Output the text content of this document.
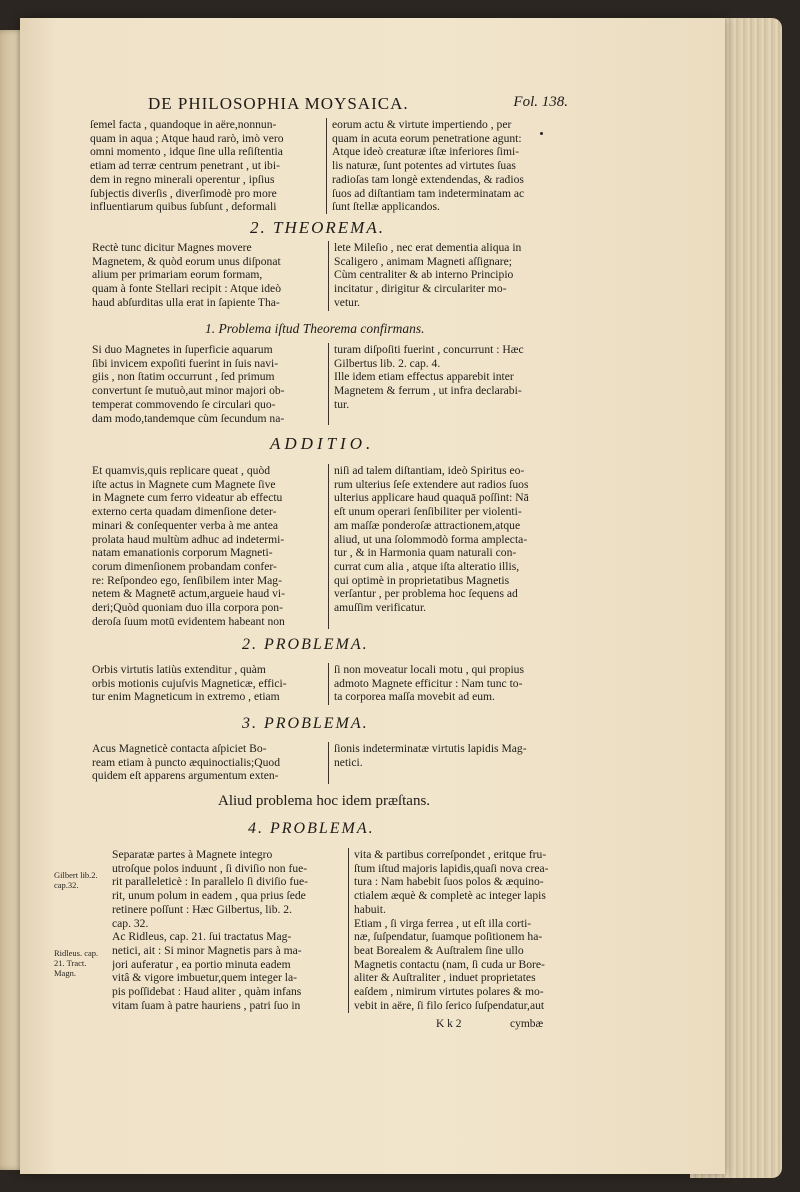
DE PHILOSOPHIA MOYSAICA.	Fol. 138.
ſemel facta , quandoque in aëre,nonnun-
quam in aqua ; Atque haud rarò, imò vero
omni momento , idque ſine ulla reſiſtentia
etiam ad terræ centrum penetrant , ut ibi-
dem in regno minerali operentur , ipſius
ſubjectis diverſis , diverſimodè pro more
influentiarum quibus ſubſunt , deformali
eorum actu & virtute impertiendo , per
quam in acuta eorum penetratione agunt:
Atque ideò creaturæ iſtæ inferiores ſimi-
lis naturæ, ſunt potentes ad virtutes ſuas
radioſas tam longè extendendas, & radios
ſuos ad diſtantiam tam indeterminatam ac
ſunt ſtellæ applicandos.
2. THEOREMA.
Rectè tunc dicitur Magnes movere
Magnetem, & quòd eorum unus diſponat
alium per primariam eorum formam,
quam à fonte Stellari recipit : Atque ideò
haud abſurditas ulla erat in ſapiente Tha-
lete Mileſio , nec erat dementia aliqua in
Scaligero , animam Magneti aſſignare;
Cùm centraliter & ab interno Principio
incitatur , dirigitur & circulariter mo-
vetur.
1. Problema iſtud Theorema confirmans.
Si duo Magnetes in ſuperficie aquarum
ſibi invicem expoſiti fuerint in ſuis navi-
giis , non ſtatim occurrunt , ſed primum
convertunt ſe mutuò,aut minor majori ob-
temperat commovendo ſe circulari quo-
dam modo,tandemque cùm ſecundum na-
turam diſpoſiti fuerint , concurrunt : Hæc
Gilbertus lib. 2. cap. 4.
Ille idem etiam effectus apparebit inter
Magnetem & ferrum , ut infra declarabi-
tur.
ADDITIO.
Et quamvis,quis replicare queat , quòd
iſte actus in Magnete cum Magnete ſive
in Magnete cum ferro videatur ab effectu
externo certa quadam dimenſione deter-
minari & conſequenter verba à me antea
prolata haud multùm adhuc ad indetermi-
natam emanationis corporum Magneti-
corum dimenſionem probandam confer-
re: Reſpondeo ego, ſenſibilem inter Mag-
netem & Magnetē actum,argueie haud vi-
deri;Quòd quoniam duo illa corpora pon-
deroſa ſuum motū evidentem habeant non
niſi ad talem diſtantiam, ideò Spiritus eo-
rum ulterius ſeſe extendere aut radios ſuos
ulterius applicare haud quaquā poſſint: Nā
eſt unum operari ſenſibiliter per violenti-
am maſſæ ponderoſæ attractionem,atque
aliud, ut una ſolommodò forma amplecta-
tur , & in Harmonia quam naturali con-
currat cum alia , atque iſta alteratio illis,
qui optimè in proprietatibus Magnetis
verſantur , per problema hoc ſequens ad
amuſſim verificatur.
2. PROBLEMA.
Orbis virtutis latiùs extenditur , quàm
orbis motionis cujuſvis Magneticæ, effici-
tur enim Magneticum in extremo , etiam
ſi non moveatur locali motu , qui propius
admoto Magnete efficitur : Nam tunc to-
ta corporea maſſa movebit ad eum.
3. PROBLEMA.
Acus Magneticè contacta aſpiciet Bo-
ream etiam à puncto æquinoctialis;Quod
quidem eſt apparens argumentum exten-
ſionis indeterminatæ virtutis lapidis Mag-
netici.
Aliud problema hoc idem præſtans.
4. PROBLEMA.
Gilbert lib.2. cap.32.
Ridleus. cap. 21. Tract. Magn.
Separatæ partes à Magnete integro
utroſque polos induunt , ſi diviſio non fue-
rit paralleleticè : In parallelo ſi diviſio fue-
rit, unum polum in eadem , qua prius ſede
retinere poſſunt : Hæc Gilbertus, lib. 2.
cap. 32.
Ac Ridleus, cap. 21. ſui tractatus Mag-
netici, ait : Si minor Magnetis pars à ma-
jori auferatur , ea portio minuta eadem
vitâ & vigore imbuetur,quem integer la-
pis poſſidebat : Haud aliter , quàm infans
vitam ſuam à patre hauriens , patri ſuo in
vita & partibus correſpondet , eritque fru-
ſtum iſtud majoris lapidis,quaſi nova crea-
tura : Nam habebit ſuos polos & æquino-
ctialem æquè & completè ac integer lapis
habuit.
Etiam , ſi virga ferrea , ut eſt illa corti-
næ, ſuſpendatur, ſuamque poſitionem ha-
beat Borealem & Auſtralem ſine ullo
Magnetis contactu (nam, ſi cuda ur Bore-
aliter & Auſtraliter , induet proprietates
eaſdem , nimirum virtutes polares & mo-
vebit in aëre, ſi filo ſerico ſuſpendatur,aut
K k 2	cymbæ
